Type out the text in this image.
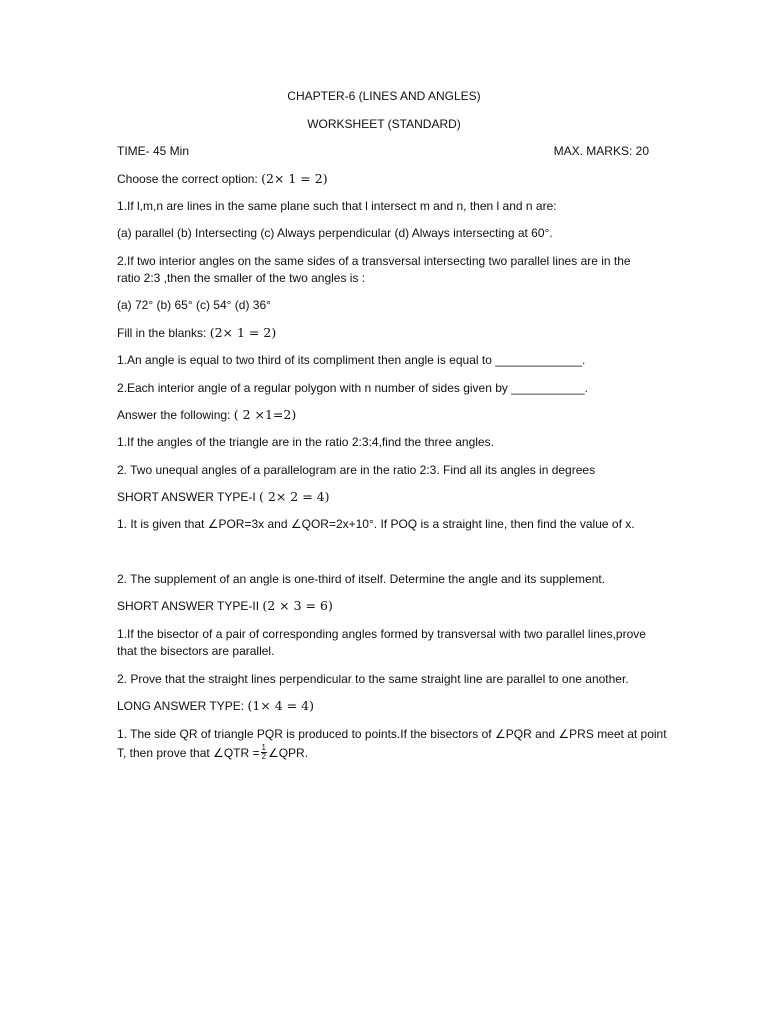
CHAPTER-6 (LINES AND ANGLES)
WORKSHEET (STANDARD)
TIME- 45 Min	MAX. MARKS: 20
Choose the correct option: (2× 1 = 2)
1.If l,m,n are lines in the same plane such that l intersect m and n, then l and n are:
(a) parallel (b) Intersecting (c) Always perpendicular (d) Always intersecting at 60°.
2.If two interior angles on the same sides of a transversal intersecting two parallel lines are in the
ratio 2:3 ,then the smaller of the two angles is :
(a) 72° (b) 65° (c) 54° (d) 36°
Fill in the blanks: (2× 1 = 2)
1.An angle is equal to two third of its compliment then angle is equal to _____________.
2.Each interior angle of a regular polygon with n number of sides given by ___________.
Answer the following: ( 2 ×1=2)
1.If the angles of the triangle are in the ratio 2:3:4,find the three angles.
2. Two unequal angles of a parallelogram are in the ratio 2:3. Find all its angles in degrees
SHORT ANSWER TYPE-I ( 2× 2 = 4)
1. It is given that ∠POR=3x and ∠QOR=2x+10°. If POQ is a straight line, then find the value of x.
2. The supplement of an angle is one-third of itself. Determine the angle and its supplement.
SHORT ANSWER TYPE-II (2 × 3 = 6)
1.If the bisector of a pair of corresponding angles formed by transversal with two parallel lines,prove
that the bisectors are parallel.
2. Prove that the straight lines perpendicular to the same straight line are parallel to one another.
LONG ANSWER TYPE: (1× 4 = 4)
1. The side QR of triangle PQR is produced to points.If the bisectors of ∠PQR and ∠PRS meet at point
T, then prove that ∠QTR = $\frac{1}{2}$ ∠QPR.
